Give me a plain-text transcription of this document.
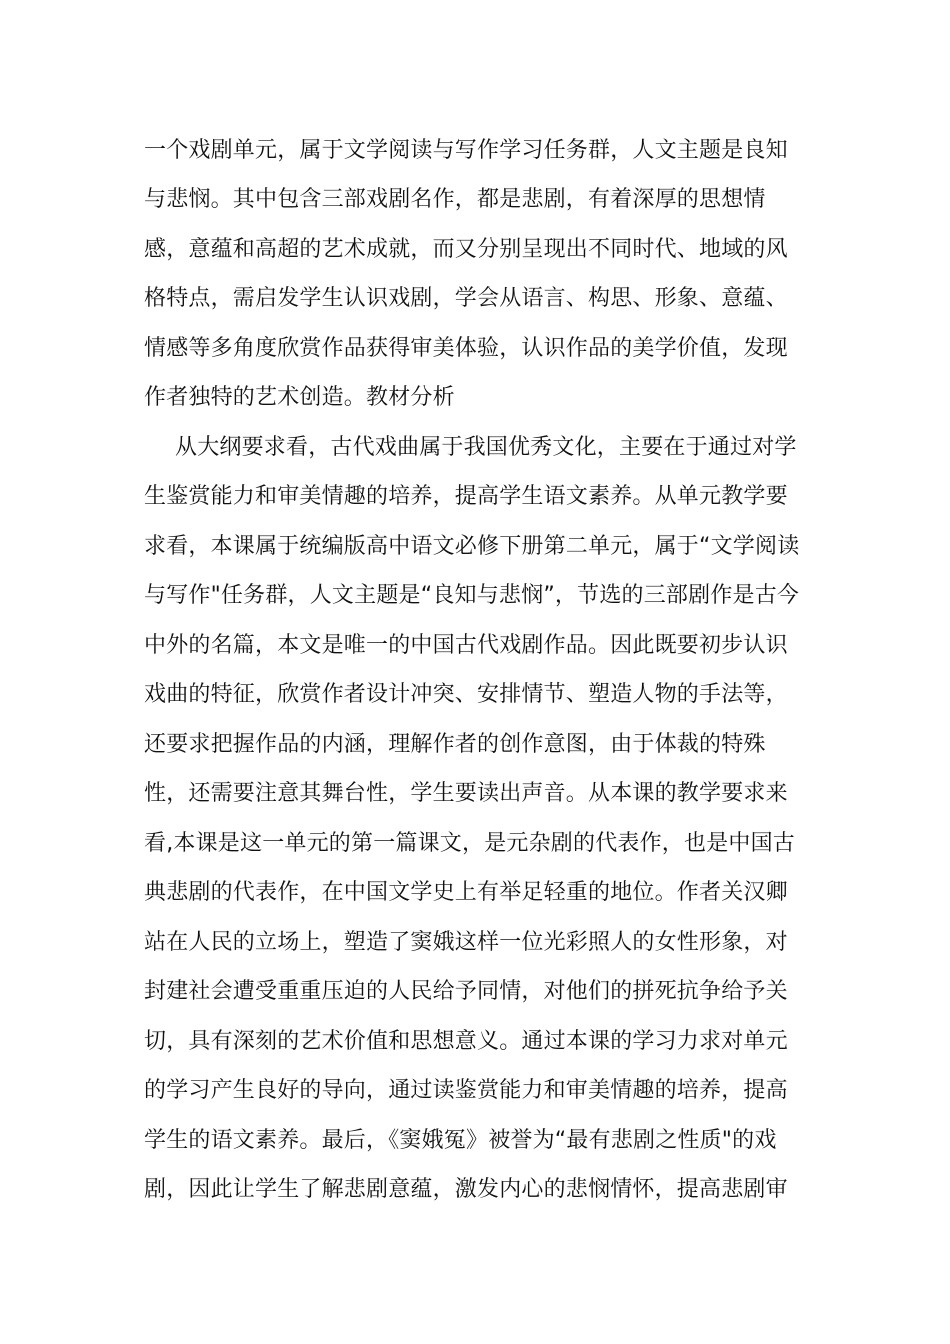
一个戏剧单元，属于文学阅读与写作学习任务群，人文主题是良知
与悲悯。其中包含三部戏剧名作，都是悲剧，有着深厚的思想情
感，意蕴和高超的艺术成就，而又分别呈现出不同时代、地域的风
格特点，需启发学生认识戏剧，学会从语言、构思、形象、意蕴、
情感等多角度欣赏作品获得审美体验，认识作品的美学价值，发现
作者独特的艺术创造。教材分析
从大纲要求看，古代戏曲属于我国优秀文化，主要在于通过对学
生鉴赏能力和审美情趣的培养，提高学生语文素养。从单元教学要
求看，本课属于统编版高中语文必修下册第二单元，属于“文学阅读
与写作"任务群，人文主题是“良知与悲悯”，节选的三部剧作是古今
中外的名篇，本文是唯一的中国古代戏剧作品。因此既要初步认识
戏曲的特征，欣赏作者设计冲突、安排情节、塑造人物的手法等，
还要求把握作品的内涵，理解作者的创作意图，由于体裁的特殊
性，还需要注意其舞台性，学生要读出声音。从本课的教学要求来
看,本课是这一单元的第一篇课文，是元杂剧的代表作，也是中国古
典悲剧的代表作，在中国文学史上有举足轻重的地位。作者关汉卿
站在人民的立场上，塑造了窦娥这样一位光彩照人的女性形象，对
封建社会遭受重重压迫的人民给予同情，对他们的拼死抗争给予关
切，具有深刻的艺术价值和思想意义。通过本课的学习力求对单元
的学习产生良好的导向，通过读鉴赏能力和审美情趣的培养，提高
学生的语文素养。最后，《窦娥冤》被誉为“最有悲剧之性质"的戏
剧，因此让学生了解悲剧意蕴，激发内心的悲悯情怀，提高悲剧审
